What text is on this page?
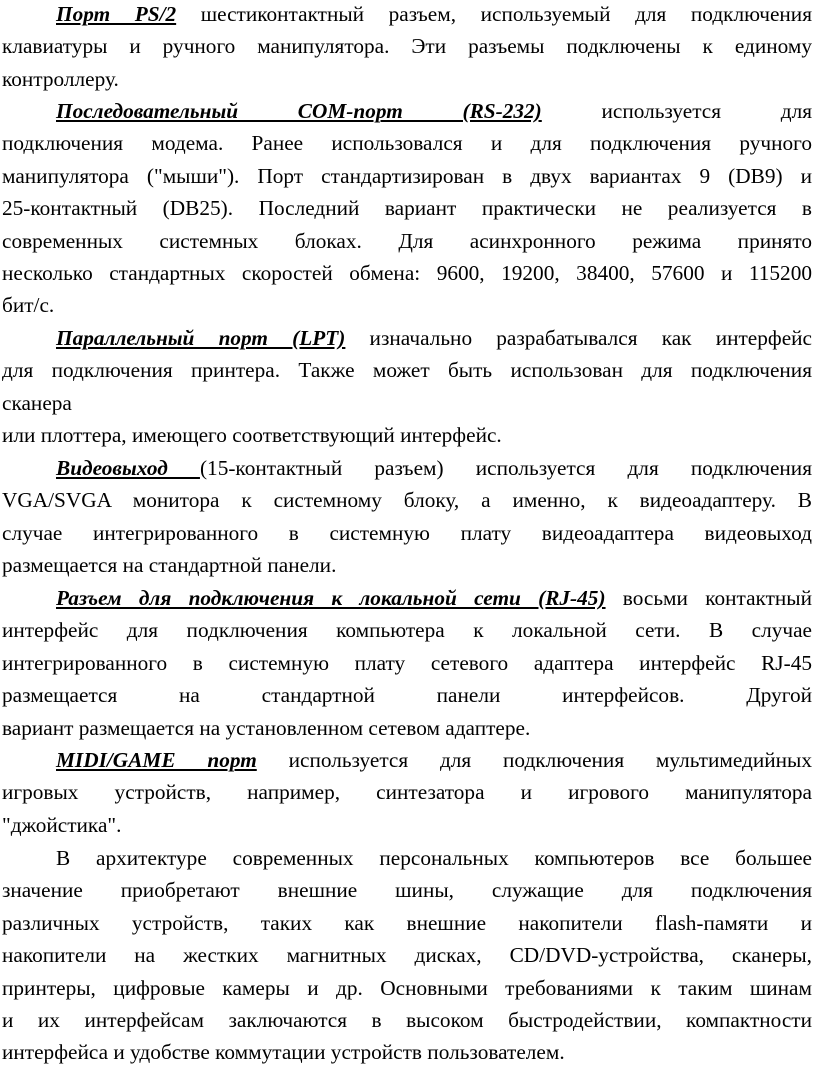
Порт PS/2 шестиконтактный разъем, используемый для подключения
клавиатуры и ручного манипулятора. Эти разъемы подключены к единому
контроллеру.
Последовательный COM-порт (RS-232) используется для
подключения модема. Ранее использовался и для подключения ручного
манипулятора ("мыши"). Порт стандартизирован в двух вариантах 9 (DB9) и
25-контактный (DB25). Последний вариант практически не реализуется в
современных системных блоках. Для асинхронного режима принято
несколько стандартных скоростей обмена: 9600, 19200, 38400, 57600 и 115200
бит/с.
Параллельный порт (LPT) изначально разрабатывался как интерфейс
для подключения принтера. Также может быть использован для подключения
сканера
или плоттера, имеющего соответствующий интерфейс.
Видеовыход (15-контактный разъем) используется для подключения
VGA/SVGA монитора к системному блоку, а именно, к видеоадаптеру. В
случае интегрированного в системную плату видеоадаптера видеовыход
размещается на стандартной панели.
Разъем для подключения к локальной сети (RJ-45) восьми контактный
интерфейс для подключения компьютера к локальной сети. В случае
интегрированного в системную плату сетевого адаптера интерфейс RJ-45
размещается на стандартной панели интерфейсов. Другой
вариант размещается на установленном сетевом адаптере.
MIDI/GAME порт используется для подключения мультимедийных
игровых устройств, например, синтезатора и игрового манипулятора
"джойстика".
В архитектуре современных персональных компьютеров все большее
значение приобретают внешние шины, служащие для подключения
различных устройств, таких как внешние накопители flash-памяти и
накопители на жестких магнитных дисках, CD/DVD-устройства, сканеры,
принтеры, цифровые камеры и др. Основными требованиями к таким шинам
и их интерфейсам заключаются в высоком быстродействии, компактности
интерфейса и удобстве коммутации устройств пользователем.
